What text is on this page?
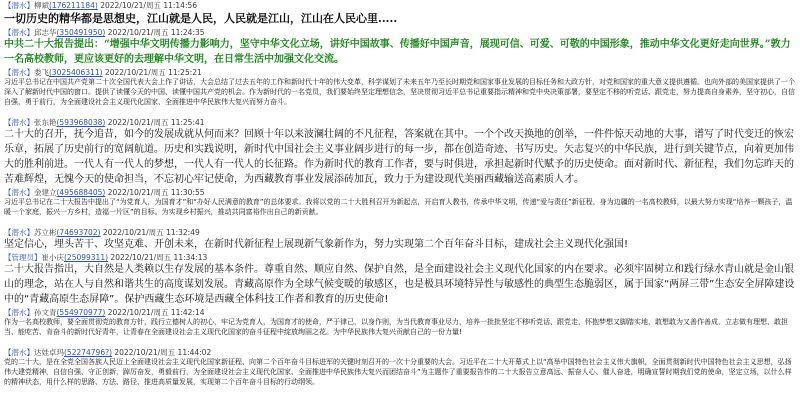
【潜水】柳斌(176211184) 2022/10/21/周五 11:14:56
一切历史的精华都是思想史，江山就是人民，人民就是江山，江山在人民心里.....
【潜水】邱志华(350491950) 2022/10/21/周五 11:24:35
中共二十大报告提出：“增强中华文明传播力影响力，坚守中华文化立场，讲好中国故事、传播好中国声音，展现可信、可爱、可敬的中国形象，推动中华文化更好走向世界。”敦力一名高校教师，更应该更好的去理解中华文明，在日常生活中加强文化交流。
【潜水】娄飞(3025406311) 2022/10/21/周五 11:25:21
习近平总书记在中国共产党第二十次全国代表大会上作了讲话，大会总结了过去五年的工作和新时代十年的伟大变革，科学谋划了未来五年乃至长时期党和国家事业发展的目标任务和大政方针，对党和国家的重大意义提供遵循。也向外部的美国家提供了一个深入了解新时代中国的窗口。提供了读懂今天的中国、读懂中国共产党的机会。作为新时代的一名党员，我们要始终坚定理想信念，坚决贯彻习近平总书记重要指示精神和党中央决策部署，要坚定不移的听党话、跟党走，努力提高自身素养，坚守初心，自信自强，勇于前行，为全面建设社会主义现代化国家、全面推进中华民族伟大复兴而努力奋斗。
【潜水】张东艳(593968038) 2022/10/21/周五 11:25:41
二十大的召开，抚今追昔，如今的发展成就从何而来？回顾十年以来波澜壮阔的不凡征程，答案就在其中。一个个改天换地的创举，一件件惊天动地的大事，谱写了时代变迁的恢宏乐章，拓展了历史前行的宽阔航道。历史和实践说明，新时代中国社会主义事业阔步进行的每一步，都在创造奇迹、书写历史。矢志复兴的中华民族，进行到关键节点，向着更加伟大的胜利前进。一代人有一代人的梦想，一代人有一代人的长征路。作为新时代的教育工作者，要与时俱进，承担起新时代赋予的历史使命。面对新时代、新征程，我们勿忘昨天的苦难辉煌，无愧今天的使命担当，不忘初心牢记使命，为西藏教育事业发展添砖加瓦，致力于为建设现代美丽西藏输送高素质人才。
【潜水】金建立(495688405) 2022/10/21/周五 11:30:55
习近平总书记在二十大报告中提出了“为党育人，为国育才”和“办好人民满意的教育”的总体要求。我将以党的二十大胜利召开为新起点，开启育人教书，传承中华文明，传递“爱与责任”新征程，身为边疆的一名高校教师，以最大努力实现“培养一颗孩子，温暖一个家庭，振兴一方乡村，造福一片区”的目标。为实现乡村振兴，推动共同富裕作出自己的新贡献。
【潜水】苏立彬(74693702) 2022/10/21/周五 11:32:49
坚定信心，埋头苦干、攻坚克难、开创未来，在新时代新征程上展现新气象新作为，努力实现第二个百年奋斗目标，建成社会主义现代化强国!
【管理员】崔小庆(25099311) 2022/10/21/周五 11:34:13
二十大报告指出，大自然是人类赖以生存发展的基本条件。尊重自然、顺应自然、保护自然，是全面建设社会主义现代化国家的内在要求。必须牢固树立和践行绿水青山就是金山银山的理念，站在人与自然和谐共生的高度谋划发展。青藏高原作为全球气候变暖的敏感区，也是极具环境特异性与敏感性的典型生态脆弱区，属于国家“两屏三带”生态安全屏障建设中的“青藏高原生态屏障”。保护西藏生态环境是西藏全体科技工作者和教育的历史使命!
【潜水】孙文青(554970977) 2022/10/21/周五 11:42:14
作为一名高校教师，要全面贯彻党的教育方针，践行立德树人的初心，牢记为党育人，为国育才的使命，严于律己，以身作则，为当代教育事业尽力，培养一批批坚定不移听党话、跟党走，怀抱梦想又脚踏实地，敢想敢为又善作善成，立志做有理想、敢担当、能吃苦、肯奋斗的新时代好青年，让青春在全面建设社会主义现代化国家的奋斗征程中绽放绚丽之花。为中华民族伟大复兴贡献自己的一份力量!
【潜水】达娃卓玛(52274796?) 2022/10/21/周五 11:44:02
党的二十大，是在全党全国各族人民迈上全面建设社会主义现代化国家新征程、向第二个百年奋斗目标进军的关键时刻召开的一次十分重要的大会。习近平在二十大开幕式上以“高举中国特色社会主义伟大旗帜，全面贯彻新时代中国特色社会主义思想，弘扬伟大建党精神，自信自强、守正创新，踔厉奋发，勇毅前行，为全面建设社会主义现代化国家、全面推进中华民族伟大复兴而团结奋斗”为主题作了重要报告作的二十大报告立意高远、振奋人心、催人奋进，明确宣誓时期我们党的使命，坚定立场，以什么样的精神状态，用什么样的思路、方法、路径、推进高质量发展，实现第二个百年奋斗目标的行动纲领。
